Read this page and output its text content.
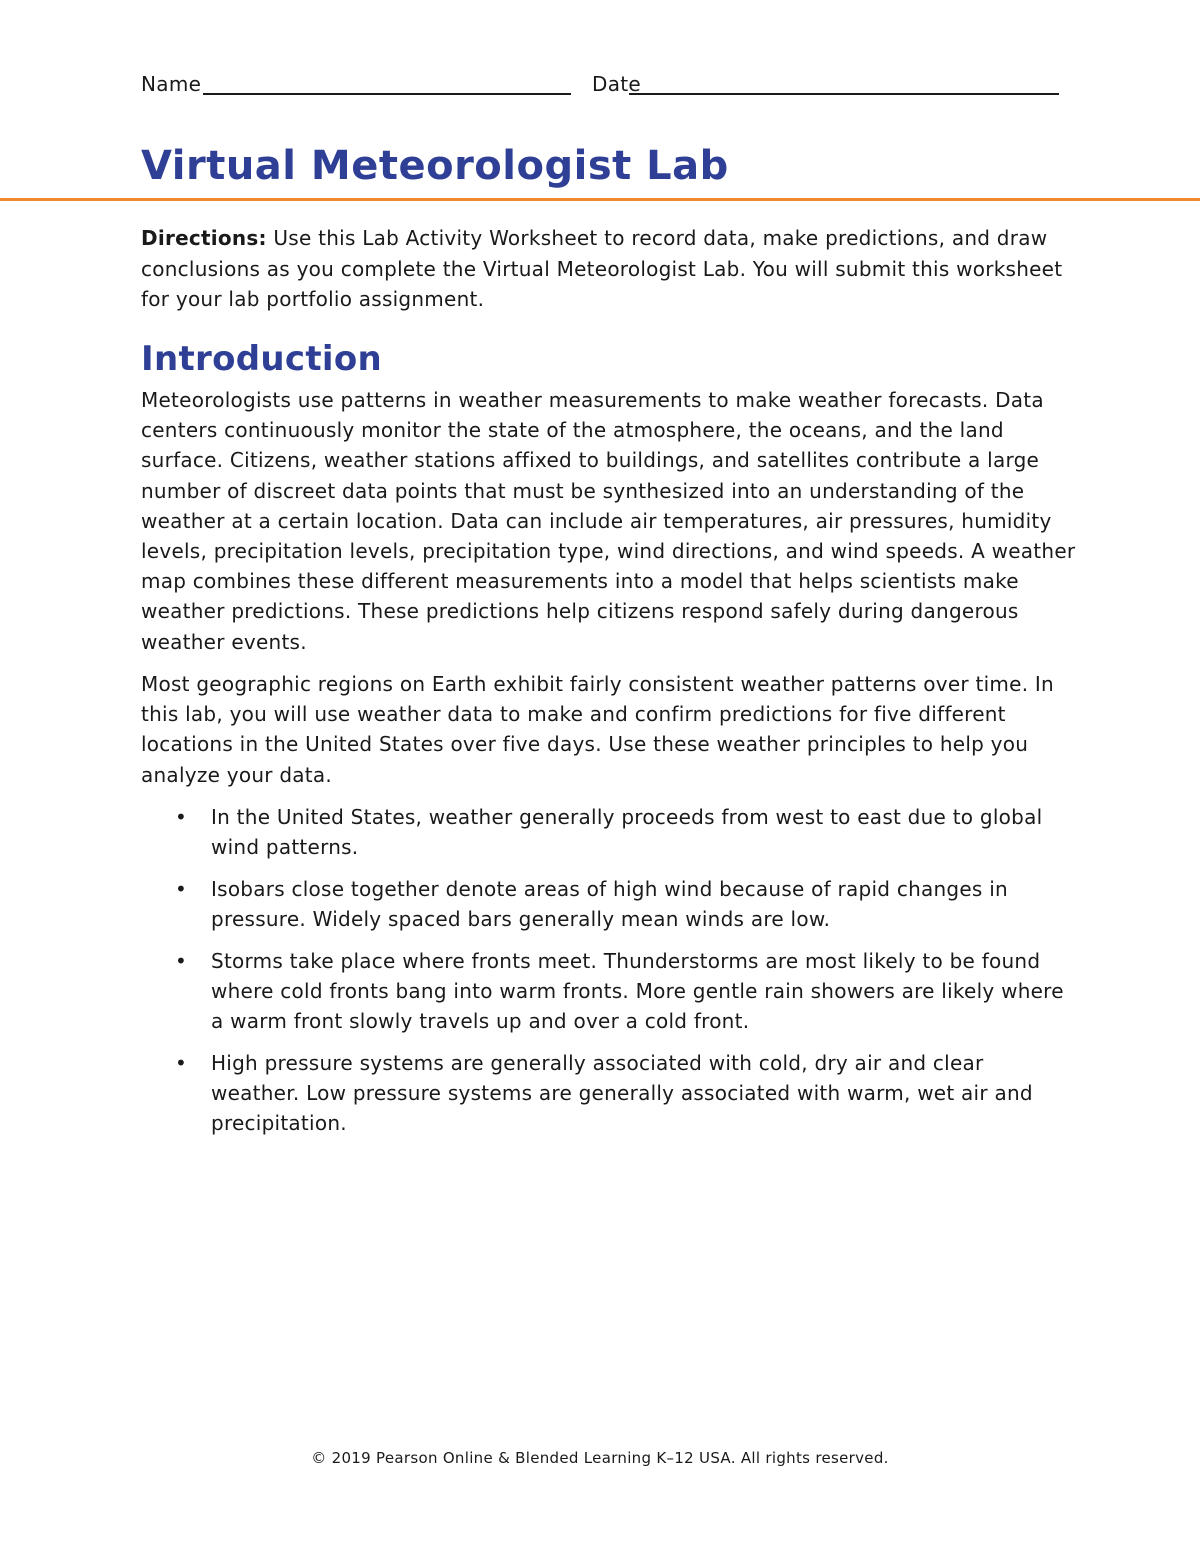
Name	Date
Virtual Meteorologist Lab

Directions: Use this Lab Activity Worksheet to record data, make predictions, and draw conclusions as you complete the Virtual Meteorologist Lab. You will submit this worksheet for your lab portfolio assignment.

Introduction

Meteorologists use patterns in weather measurements to make weather forecasts. Data centers continuously monitor the state of the atmosphere, the oceans, and the land surface. Citizens, weather stations affixed to buildings, and satellites contribute a large number of discreet data points that must be synthesized into an understanding of the weather at a certain location. Data can include air temperatures, air pressures, humidity levels, precipitation levels, precipitation type, wind directions, and wind speeds. A weather map combines these different measurements into a model that helps scientists make weather predictions. These predictions help citizens respond safely during dangerous weather events.

Most geographic regions on Earth exhibit fairly consistent weather patterns over time. In this lab, you will use weather data to make and confirm predictions for five different locations in the United States over five days. Use these weather principles to help you analyze your data.

• In the United States, weather generally proceeds from west to east due to global wind patterns.
• Isobars close together denote areas of high wind because of rapid changes in pressure. Widely spaced bars generally mean winds are low.
• Storms take place where fronts meet. Thunderstorms are most likely to be found where cold fronts bang into warm fronts. More gentle rain showers are likely where a warm front slowly travels up and over a cold front.
• High pressure systems are generally associated with cold, dry air and clear weather. Low pressure systems are generally associated with warm, wet air and precipitation.
© 2019 Pearson Online & Blended Learning K–12 USA. All rights reserved.
